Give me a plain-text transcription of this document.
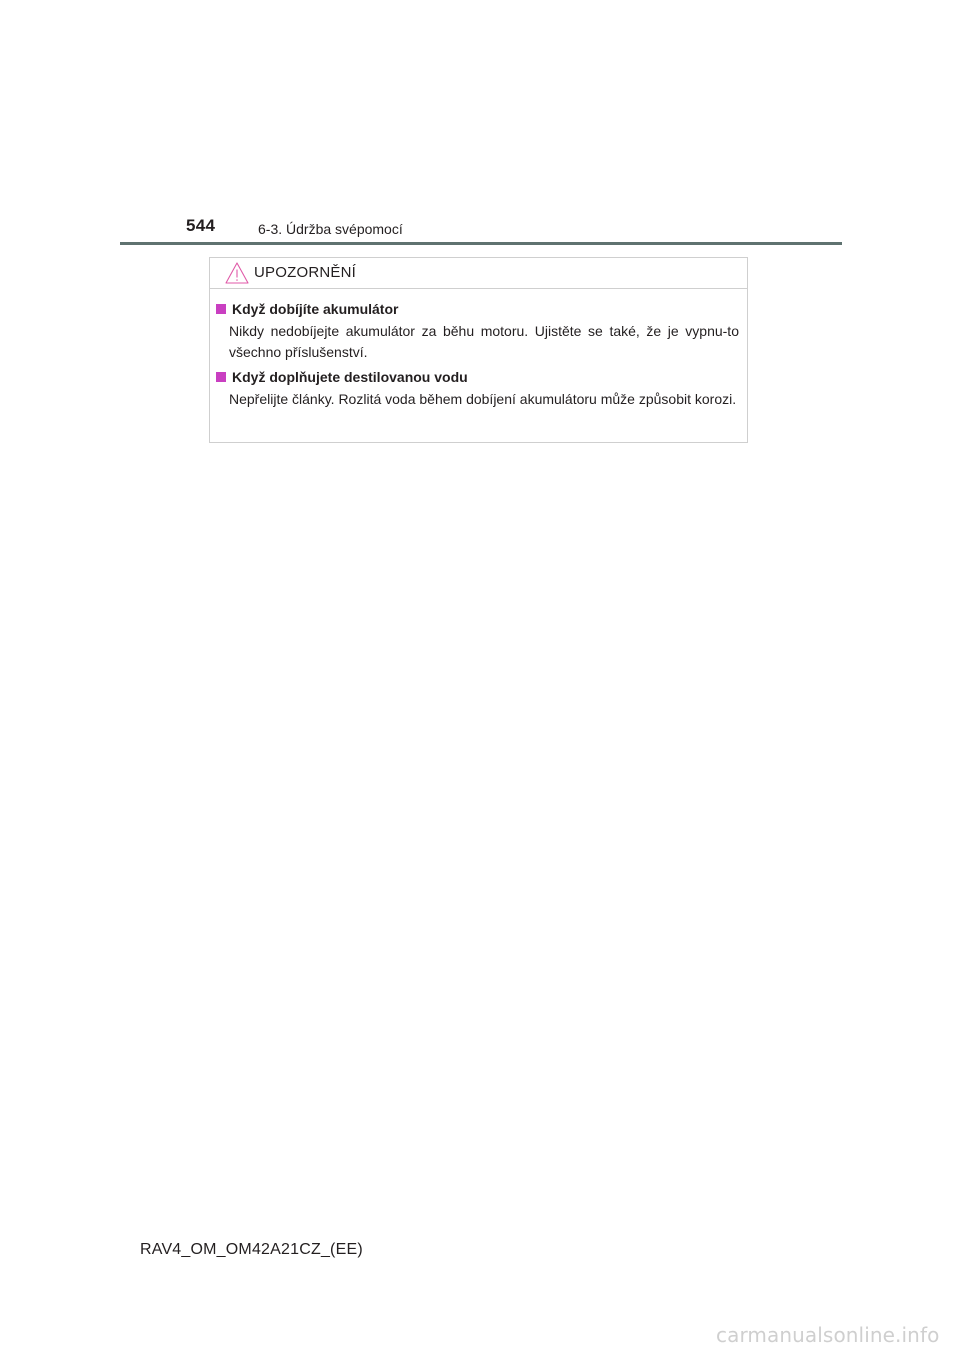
544	6-3. Údržba svépomocí
UPOZORNĚNÍ
Když dobíjíte akumulátor
Nikdy nedobíjejte akumulátor za běhu motoru. Ujistěte se také, že je vypnu-to všechno příslušenství.
Když doplňujete destilovanou vodu
Nepřelijte články. Rozlitá voda během dobíjení akumulátoru může způsobit korozi.
RAV4_OM_OM42A21CZ_(EE)
carmanualsonline.info
